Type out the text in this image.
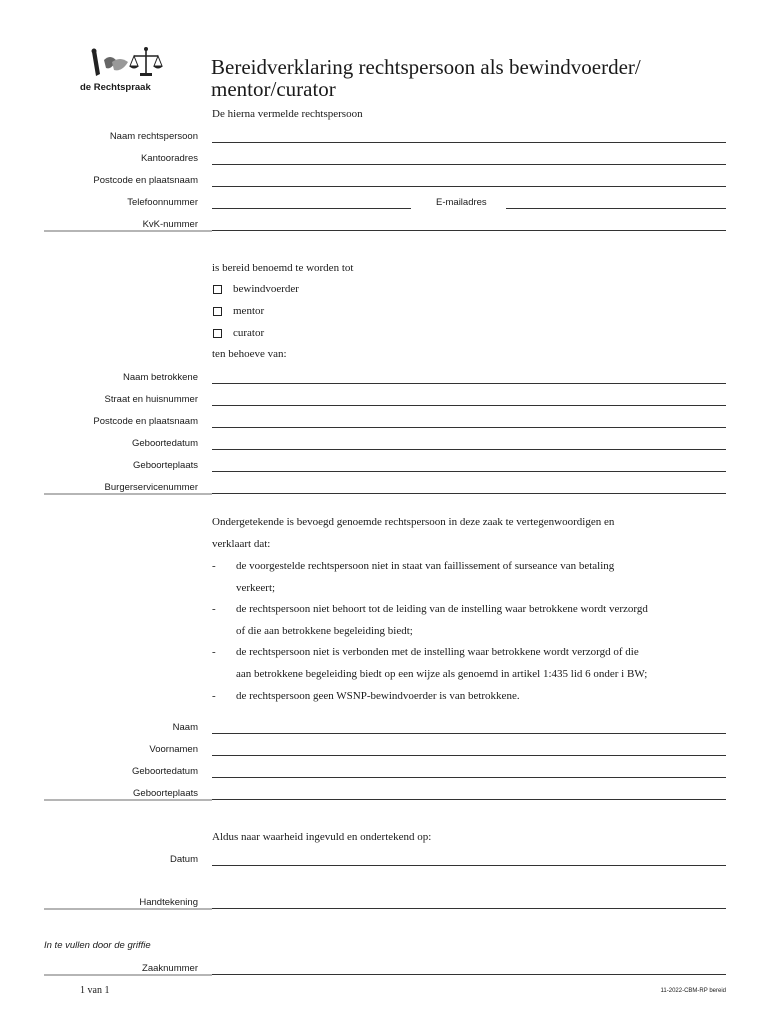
de Rechtspraak
Bereidverklaring rechtspersoon als bewindvoerder/
mentor/curator
De hierna vermelde rechtspersoon
Naam rechtspersoon
Kantooradres
Postcode en plaatsnaam
Telefoonnummer	E-mailadres
KvK-nummer
is bereid benoemd te worden tot
bewindvoerder
mentor
curator
ten behoeve van:
Naam betrokkene
Straat en huisnummer
Postcode en plaatsnaam
Geboortedatum
Geboorteplaats
Burgerservicenummer
Ondergetekende is bevoegd genoemde rechtspersoon in deze zaak te vertegenwoordigen en
verklaart dat:
- de voorgestelde rechtspersoon niet in staat van faillissement of surseance van betaling
verkeert;
- de rechtspersoon niet behoort tot de leiding van de instelling waar betrokkene wordt verzorgd
of die aan betrokkene begeleiding biedt;
- de rechtspersoon niet is verbonden met de instelling waar betrokkene wordt verzorgd of die
aan betrokkene begeleiding biedt op een wijze als genoemd in artikel 1:435 lid 6 onder i BW;
- de rechtspersoon geen WSNP-bewindvoerder is van betrokkene.
Naam
Voornamen
Geboortedatum
Geboorteplaats
Aldus naar waarheid ingevuld en ondertekend op:
Datum
Handtekening
In te vullen door de griffie
Zaaknummer
1 van 1	11-2022-CBM-RP bereid
